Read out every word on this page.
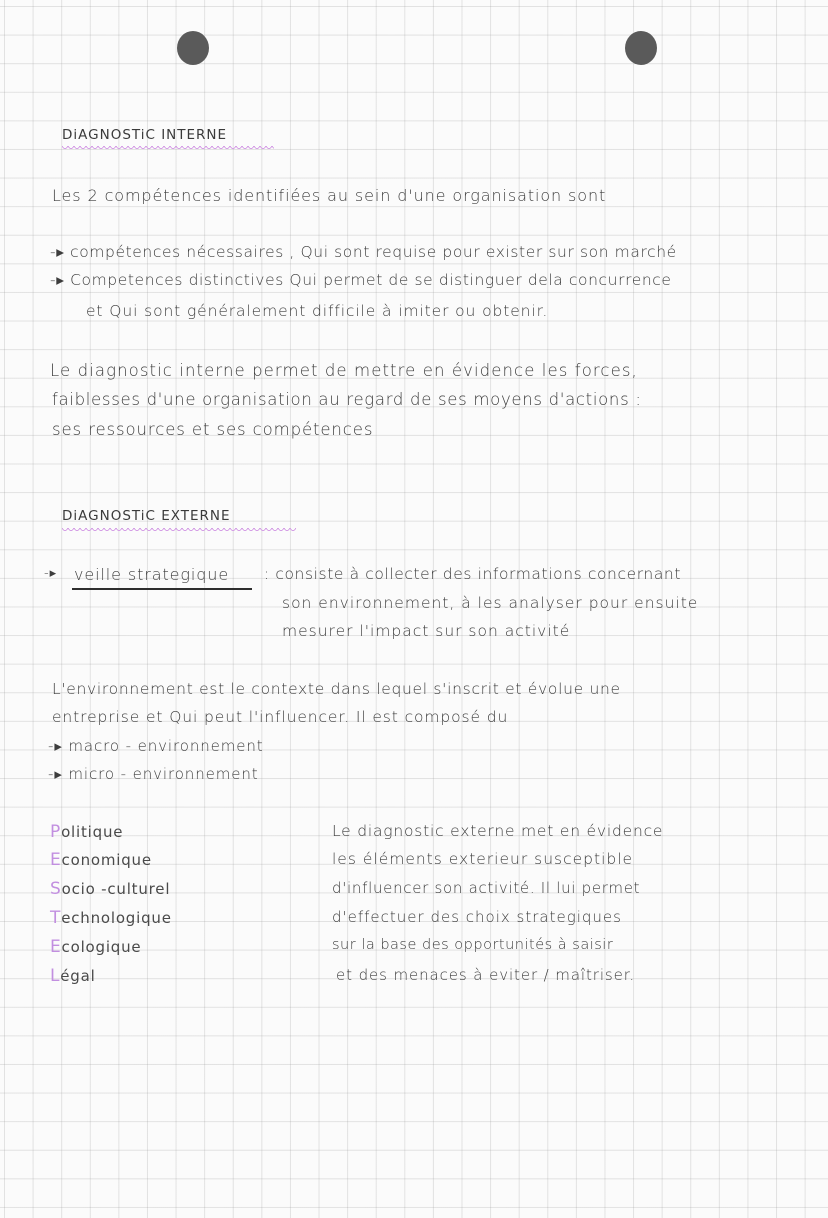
DiAGNOSTiC INTERNE
Les 2 compétences identifiées au sein d'une organisation sont
-▸ compétences nécessaires , Qui sont requise pour exister sur son marché
-▸ Competences distinctives Qui permet de se distinguer dela concurrence
et Qui sont généralement difficile à imiter ou obtenir.
Le diagnostic interne permet de mettre en évidence les forces,
faiblesses d'une organisation au regard de ses moyens d'actions :
ses ressources et ses compétences
DiAGNOSTiC EXTERNE
-▸ veille strategique : consiste à collecter des informations concernant
son environnement, à les analyser pour ensuite
mesurer l'impact sur son activité
L'environnement est le contexte dans lequel s'inscrit et évolue une
entreprise et Qui peut l'influencer. Il est composé du
-▸ macro - environnement
-▸ micro - environnement
Politique
Economique
Socio -culturel
Technologique
Ecologique
Légal
Le diagnostic externe met en évidence
les éléments exterieur susceptible
d'influencer son activité. Il lui permet
d'effectuer des choix strategiques
sur la base des opportunités à saisir
et des menaces à eviter / maîtriser.
